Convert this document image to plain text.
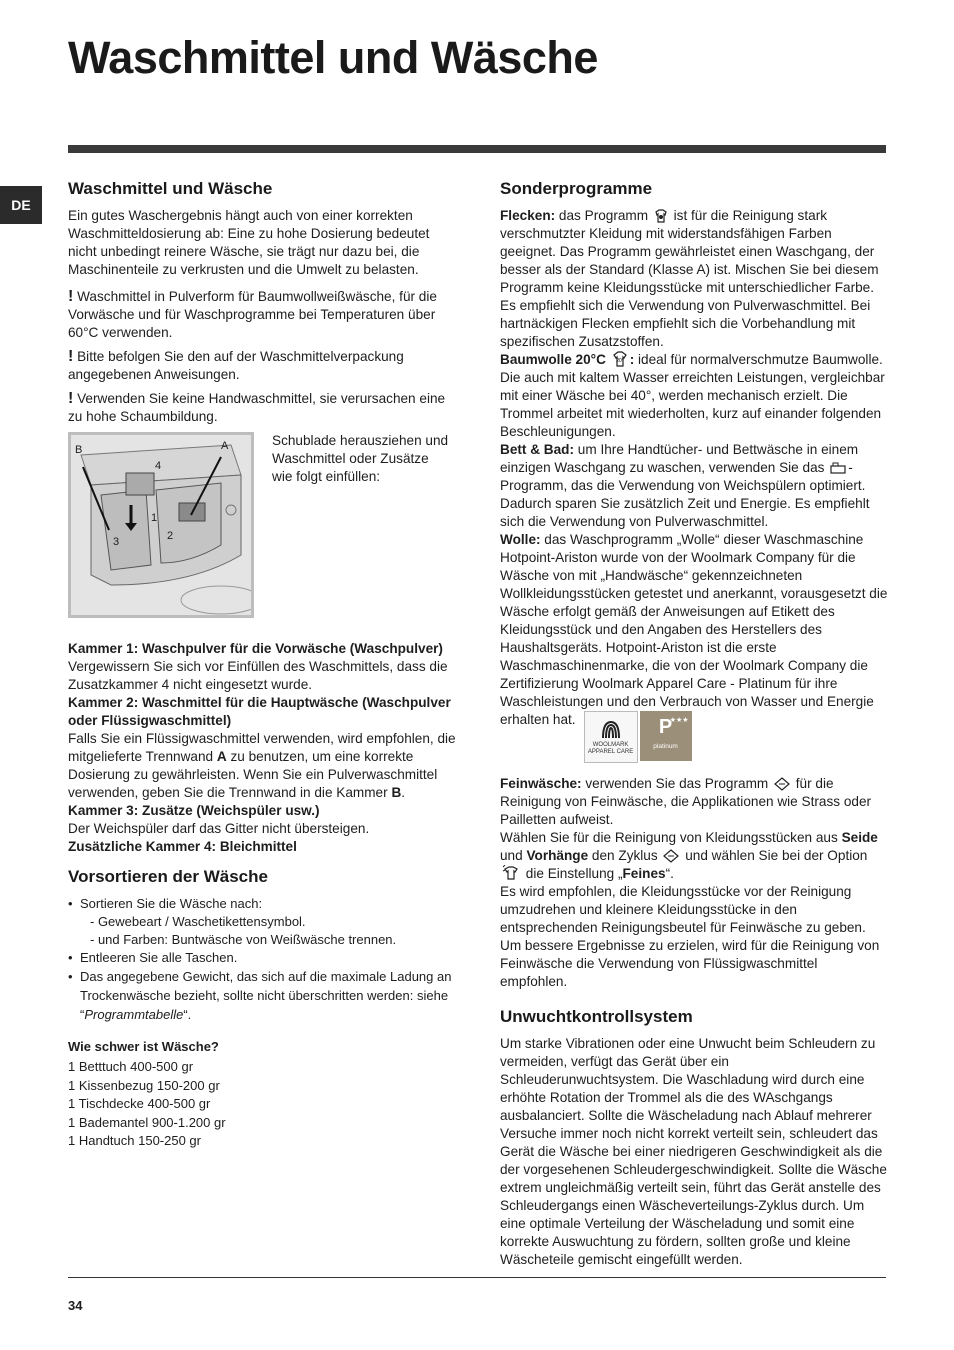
Waschmittel und Wäsche
DE
Waschmittel und Wäsche

Ein gutes Waschergebnis hängt auch von einer korrekten Waschmitteldosierung ab: Eine zu hohe Dosierung bedeutet nicht unbedingt reinere Wäsche, sie trägt nur dazu bei, die Maschinenteile zu verkrusten und die Umwelt zu belasten.

! Waschmittel in Pulverform für Baumwollweißwäsche, für die Vorwäsche und für Waschprogramme bei Temperaturen über 60°C verwenden.

! Bitte befolgen Sie den auf der Waschmittelverpackung angegebenen Anweisungen.

! Verwenden Sie keine Handwaschmittel, sie verursachen eine zu hohe Schaumbildung.

B	A
4
1
2
3

Schublade herausziehen und Waschmittel oder Zusätze wie folgt einfüllen:

Kammer 1: Waschpulver für die Vorwäsche (Waschpulver)

Vergewissern Sie sich vor Einfüllen des Waschmittels, dass die Zusatzkammer 4 nicht eingesetzt wurde.

Kammer 2: Waschmittel für die Hauptwäsche (Waschpulver oder Flüssigwaschmittel)

Falls Sie ein Flüssigwaschmittel verwenden, wird empfohlen, die mitgelieferte Trennwand A zu benutzen, um eine korrekte Dosierung zu gewährleisten. Wenn Sie ein Pulverwaschmittel verwenden, geben Sie die Trennwand in die Kammer B.

Kammer 3: Zusätze (Weichspüler usw.)

Der Weichspüler darf das Gitter nicht übersteigen.

Zusätzliche Kammer 4: Bleichmittel

Vorsortieren der Wäsche
• Sortieren Sie die Wäsche nach:
- Gewebeart / Waschetikettensymbol.
- und Farben: Buntwäsche von Weißwäsche trennen.
• Entleeren Sie alle Taschen.
• Das angegebene Gewicht, das sich auf die maximale Ladung an Trockenwäsche bezieht, sollte nicht überschritten werden: siehe “Programmtabelle“.

Wie schwer ist Wäsche?

1 Betttuch 400-500 gr
1 Kissenbezug 150-200 gr
1 Tischdecke 400-500 gr
1 Bademantel 900-1.200 gr
1 Handtuch 150-250 gr
Sonderprogramme

Flecken: das Programm  ist für die Reinigung stark verschmutzter Kleidung mit widerstandsfähigen Farben geeignet. Das Programm gewährleistet einen Waschgang, der besser als der Standard (Klasse A) ist. Mischen Sie bei diesem Programm keine Kleidungsstücke mit unterschiedlicher Farbe. Es empfiehlt sich die Verwendung von Pulverwaschmittel. Bei hartnäckigen Flecken empfiehlt sich die Vorbehandlung mit spezifischen Zusatzstoffen.

Baumwolle 20°C 20° : ideal für normalverschmutze Baumwolle. Die auch mit kaltem Wasser erreichten Leistungen, vergleichbar mit einer Wäsche bei 40°, werden mechanisch erzielt. Die Trommel arbeitet mit wiederholten, kurz auf einander folgenden Beschleunigungen.

Bett & Bad: um Ihre Handtücher- und Bettwäsche in einem einzigen Waschgang zu waschen, verwenden Sie das -Programm, das die Verwendung von Weichspülern optimiert. Dadurch sparen Sie zusätzlich Zeit und Energie. Es empfiehlt sich die Verwendung von Pulverwaschmittel.

Wolle: das Waschprogramm „Wolle“ dieser Waschmaschine Hotpoint-Ariston wurde von der Woolmark Company für die Wäsche von mit „Handwäsche“ gekennzeichneten Wollkleidungsstücken getestet und anerkannt, vorausgesetzt die Wäsche erfolgt gemäß der Anweisungen auf Etikett des Kleidungsstück und den Angaben des Herstellers des Haushaltsgeräts. Hotpoint-Ariston ist die erste Waschmaschinenmarke, die von der Woolmark Company die Zertifizierung Woolmark Apparel Care - Platinum für ihre Waschleistungen und den Verbrauch von Wasser und Energie erhalten hat.
WOOLMARK
APPAREL CARE
★★★
P
platinum

Feinwäsche: verwenden Sie das Programm  für die Reinigung von Feinwäsche, die Applikationen wie Strass oder Pailletten aufweist.

Wählen Sie für die Reinigung von Kleidungsstücken aus Seide und Vorhänge den Zyklus  und wählen Sie bei der Option die Einstellung „Feines“.

Es wird empfohlen, die Kleidungsstücke vor der Reinigung umzudrehen und kleinere Kleidungsstücke in den entsprechenden Reinigungsbeutel für Feinwäsche zu geben. Um bessere Ergebnisse zu erzielen, wird für die Reinigung von Feinwäsche die Verwendung von Flüssigwaschmittel empfohlen.

Unwuchtkontrollsystem

Um starke Vibrationen oder eine Unwucht beim Schleudern zu vermeiden, verfügt das Gerät über ein Schleuderunwuchtsystem. Die Waschladung wird durch eine erhöhte Rotation der Trommel als die des WAschgangs ausbalanciert. Sollte die Wäscheladung nach Ablauf mehrerer Versuche immer noch nicht korrekt verteilt sein, schleudert das Gerät die Wäsche bei einer niedrigeren Geschwindigkeit als die der vorgesehenen Schleudergeschwindigkeit. Sollte die Wäsche extrem ungleichmäßig verteilt sein, führt das Gerät anstelle des Schleudergangs einen Wäscheverteilungs-Zyklus durch. Um eine optimale Verteilung der Wäscheladung und somit eine korrekte Auswuchtung zu fördern, sollten große und kleine Wäscheteile gemischt eingefüllt werden.

34
